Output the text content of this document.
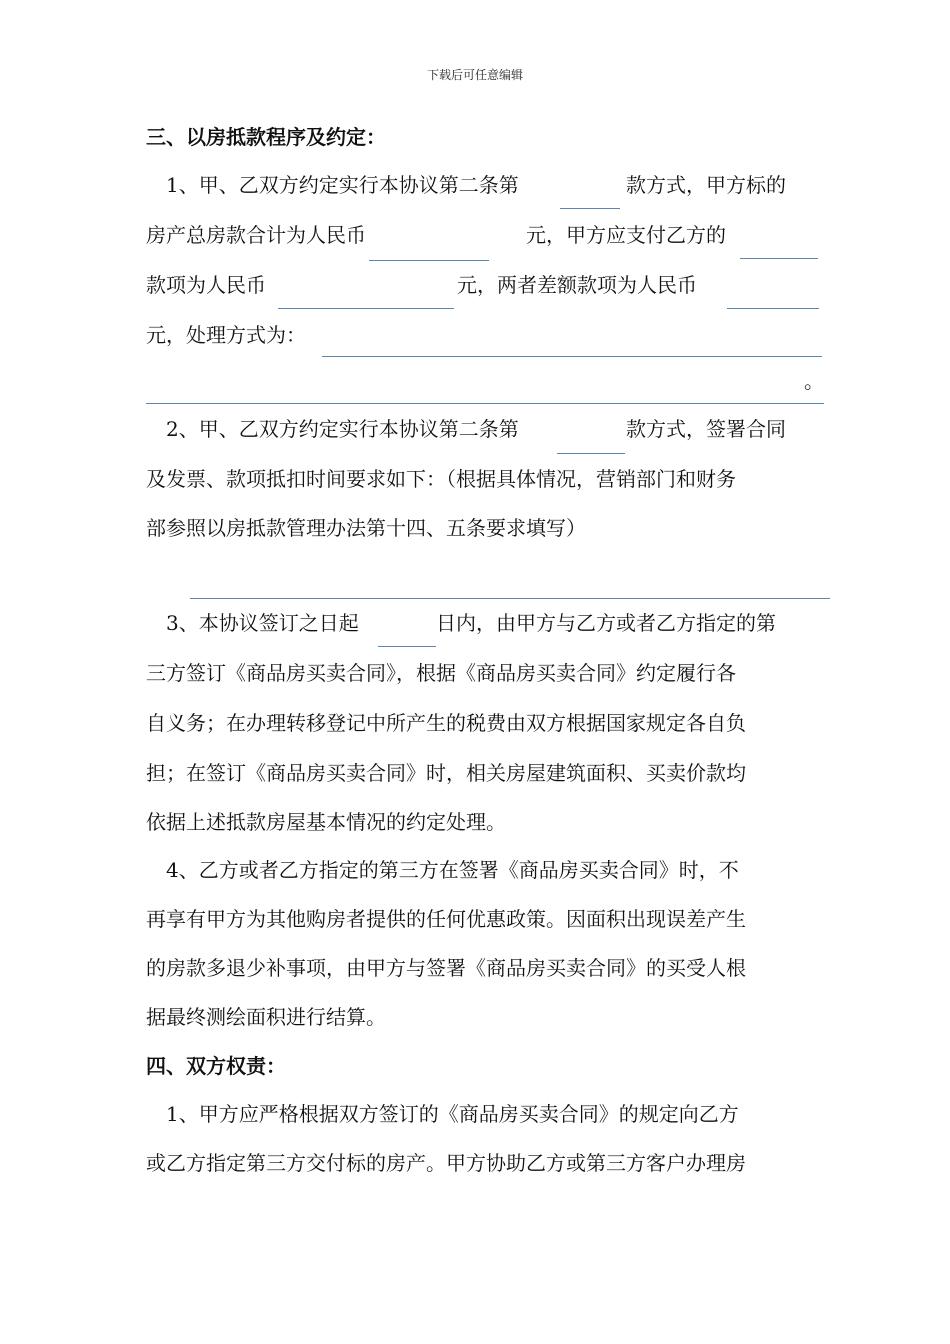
下载后可任意编辑
三、以房抵款程序及约定：
1、甲、乙双方约定实行本协议第二条第	款方式，甲方标的
房产总房款合计为人民币	元，甲方应支付乙方的
款项为人民币	元，两者差额款项为人民币
元，处理方式为：
。
2、甲、乙双方约定实行本协议第二条第	款方式，签署合同
及发票、款项抵扣时间要求如下：（根据具体情况，营销部门和财务
部参照以房抵款管理办法第十四、五条要求填写）
3、本协议签订之日起	日内，由甲方与乙方或者乙方指定的第
三方签订《商品房买卖合同》，根据《商品房买卖合同》约定履行各
自义务；在办理转移登记中所产生的税费由双方根据国家规定各自负
担；在签订《商品房买卖合同》时，相关房屋建筑面积、买卖价款均
依据上述抵款房屋基本情况的约定处理。
4、乙方或者乙方指定的第三方在签署《商品房买卖合同》时，不
再享有甲方为其他购房者提供的任何优惠政策。因面积出现误差产生
的房款多退少补事项，由甲方与签署《商品房买卖合同》的买受人根
据最终测绘面积进行结算。
四、双方权责：
1、甲方应严格根据双方签订的《商品房买卖合同》的规定向乙方
或乙方指定第三方交付标的房产。甲方协助乙方或第三方客户办理房
